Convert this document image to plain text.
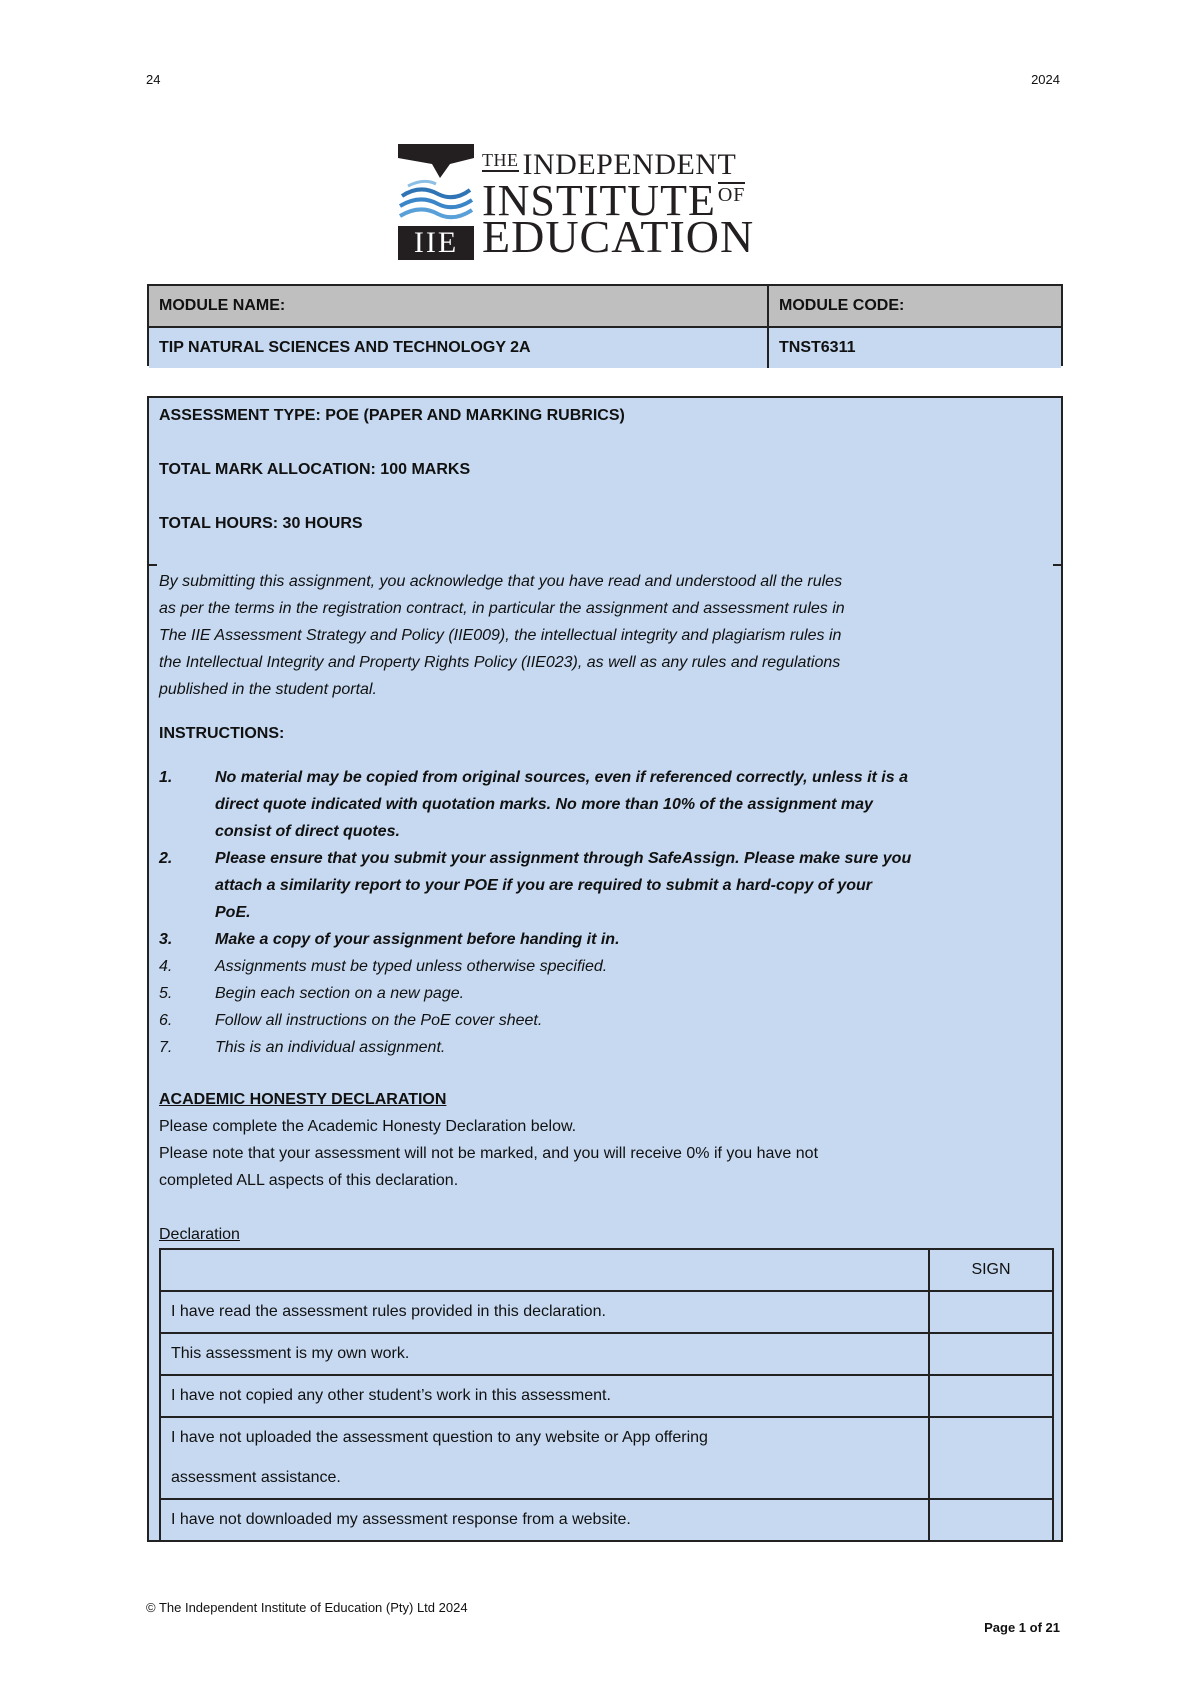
24	2024
IIE
$^{THE}$ INDEPENDENT
INSTITUTE $^{OF}$
EDUCATION
MODULE NAME:	MODULE CODE:
TIP NATURAL SCIENCES AND TECHNOLOGY 2A	TNST6311
ASSESSMENT TYPE: POE (PAPER AND MARKING RUBRICS)
TOTAL MARK ALLOCATION: 100 MARKS
TOTAL HOURS: 30 HOURS
By submitting this assignment, you acknowledge that you have read and understood all the rules
as per the terms in the registration contract, in particular the assignment and assessment rules in
The IIE Assessment Strategy and Policy (IIE009), the intellectual integrity and plagiarism rules in
the Intellectual Integrity and Property Rights Policy (IIE023), as well as any rules and regulations
published in the student portal.
INSTRUCTIONS:
1.	No material may be copied from original sources, even if referenced correctly, unless it is a
direct quote indicated with quotation marks. No more than 10% of the assignment may
consist of direct quotes.
2.	Please ensure that you submit your assignment through SafeAssign. Please make sure you
attach a similarity report to your POE if you are required to submit a hard-copy of your
PoE.
3.	Make a copy of your assignment before handing it in.
4.	Assignments must be typed unless otherwise specified.
5.	Begin each section on a new page.
6.	Follow all instructions on the PoE cover sheet.
7.	This is an individual assignment.
ACADEMIC HONESTY DECLARATION
Please complete the Academic Honesty Declaration below.
Please note that your assessment will not be marked, and you will receive 0% if you have not
completed ALL aspects of this declaration.
Declaration
	SIGN
I have read the assessment rules provided in this declaration.	
This assessment is my own work.	
I have not copied any other student’s work in this assessment.	

I have not uploaded the assessment question to any website or App offering
assessment assistance.	

I have not downloaded my assessment response from a website.	
© The Independent Institute of Education (Pty) Ltd 2024
Page 1 of 21
